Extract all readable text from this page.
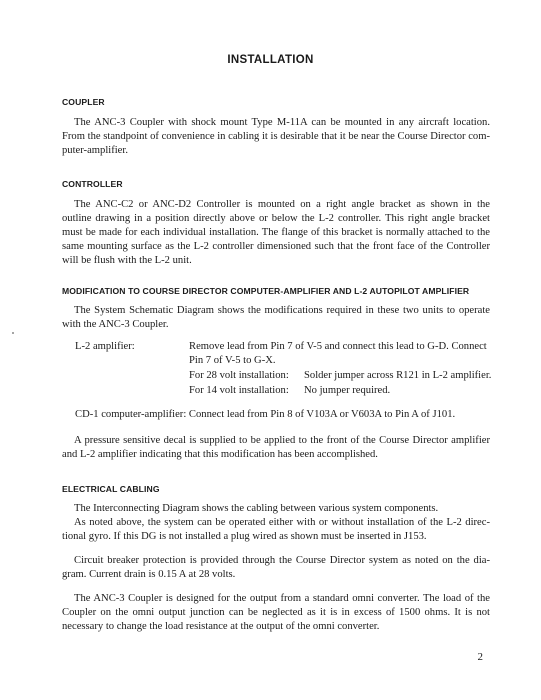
INSTALLATION
COUPLER
The ANC-3 Coupler with shock mount Type M-11A can be mounted in any aircraft location.
From the standpoint of convenience in cabling it is desirable that it be near the Course Director com-
puter-amplifier.
CONTROLLER
The ANC-C2 or ANC-D2 Controller is mounted on a right angle bracket as shown in the
outline drawing in a position directly above or below the L-2 controller. This right angle bracket
must be made for each individual installation. The flange of this bracket is normally attached to the
same mounting surface as the L-2 controller dimensioned such that the front face of the Controller
will be flush with the L-2 unit.
MODIFICATION TO COURSE DIRECTOR COMPUTER-AMPLIFIER AND L-2 AUTOPILOT AMPLIFIER
The System Schematic Diagram shows the modifications required in these two units to operate
with the ANC-3 Coupler.
L-2 amplifier:	Remove lead from Pin 7 of V-5 and connect this lead to G-D. Connect
Pin 7 of V-5 to G-X.
For 28 volt installation: Solder jumper across R121 in L-2 amplifier.
For 14 volt installation: No jumper required.
CD-1 computer-amplifier: Connect lead from Pin 8 of V103A or V603A to Pin A of J101.
A pressure sensitive decal is supplied to be applied to the front of the Course Director amplifier
and L-2 amplifier indicating that this modification has been accomplished.
ELECTRICAL CABLING
The Interconnecting Diagram shows the cabling between various system components.
As noted above, the system can be operated either with or without installation of the L-2 direc-
tional gyro. If this DG is not installed a plug wired as shown must be inserted in J153.
Circuit breaker protection is provided through the Course Director system as noted on the dia-
gram. Current drain is 0.15 A at 28 volts.
The ANC-3 Coupler is designed for the output from a standard omni converter. The load of the
Coupler on the omni output junction can be neglected as it is in excess of 1500 ohms. It is not
necessary to change the load resistance at the output of the omni converter.
2
